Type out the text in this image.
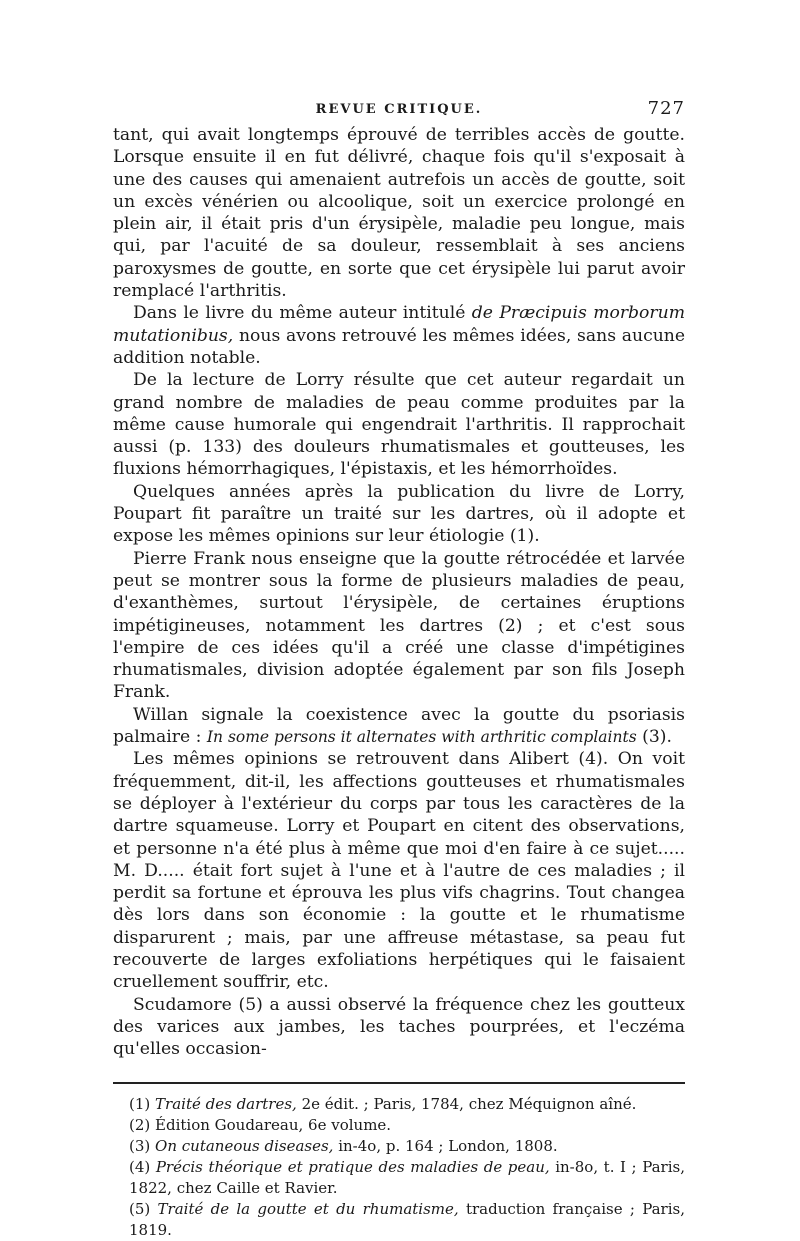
REVUE CRITIQUE.	727

tant, qui avait longtemps éprouvé de terribles accès de goutte. Lorsque ensuite il en fut délivré, chaque fois qu'il s'exposait à une des causes qui amenaient autrefois un accès de goutte, soit un excès vénérien ou alcoolique, soit un exercice prolongé en plein air, il était pris d'un érysipèle, maladie peu longue, mais qui, par l'acuité de sa douleur, ressemblait à ses anciens paroxysmes de goutte, en sorte que cet érysipèle lui parut avoir remplacé l'arthritis.

Dans le livre du même auteur intitulé de Præcipuis morborum mutationibus, nous avons retrouvé les mêmes idées, sans aucune addition notable.

De la lecture de Lorry résulte que cet auteur regardait un grand nombre de maladies de peau comme produites par la même cause humorale qui engendrait l'arthritis. Il rapprochait aussi (p. 133) des douleurs rhumatismales et goutteuses, les fluxions hémorrhagiques, l'épistaxis, et les hémorrhoïdes.

Quelques années après la publication du livre de Lorry, Poupart fit paraître un traité sur les dartres, où il adopte et expose les mêmes opinions sur leur étiologie (1).

Pierre Frank nous enseigne que la goutte rétrocédée et larvée peut se montrer sous la forme de plusieurs maladies de peau, d'exanthèmes, surtout l'érysipèle, de certaines éruptions impétigineuses, notamment les dartres (2) ; et c'est sous l'empire de ces idées qu'il a créé une classe d'impétigines rhumatismales, division adoptée également par son fils Joseph Frank.

Willan signale la coexistence avec la goutte du psoriasis palmaire : In some persons it alternates with arthritic complaints (3).

Les mêmes opinions se retrouvent dans Alibert (4). On voit fréquemment, dit-il, les affections goutteuses et rhumatismales se déployer à l'extérieur du corps par tous les caractères de la dartre squameuse. Lorry et Poupart en citent des observations, et personne n'a été plus à même que moi d'en faire à ce sujet..... M. D..... était fort sujet à l'une et à l'autre de ces maladies ; il perdit sa fortune et éprouva les plus vifs chagrins. Tout changea dès lors dans son économie : la goutte et le rhumatisme disparurent ; mais, par une affreuse métastase, sa peau fut recouverte de larges exfoliations herpétiques qui le faisaient cruellement souffrir, etc.

Scudamore (5) a aussi observé la fréquence chez les goutteux des varices aux jambes, les taches pourprées, et l'eczéma qu'elles occasion-

(1) Traité des dartres, 2e édit. ; Paris, 1784, chez Méquignon aîné.

(2) Édition Goudareau, 6e volume.

(3) On cutaneous diseases, in-4o, p. 164 ; London, 1808.

(4) Précis théorique et pratique des maladies de peau, in-8o, t. I ; Paris, 1822, chez Caille et Ravier.

(5) Traité de la goutte et du rhumatisme, traduction française ; Paris, 1819.
